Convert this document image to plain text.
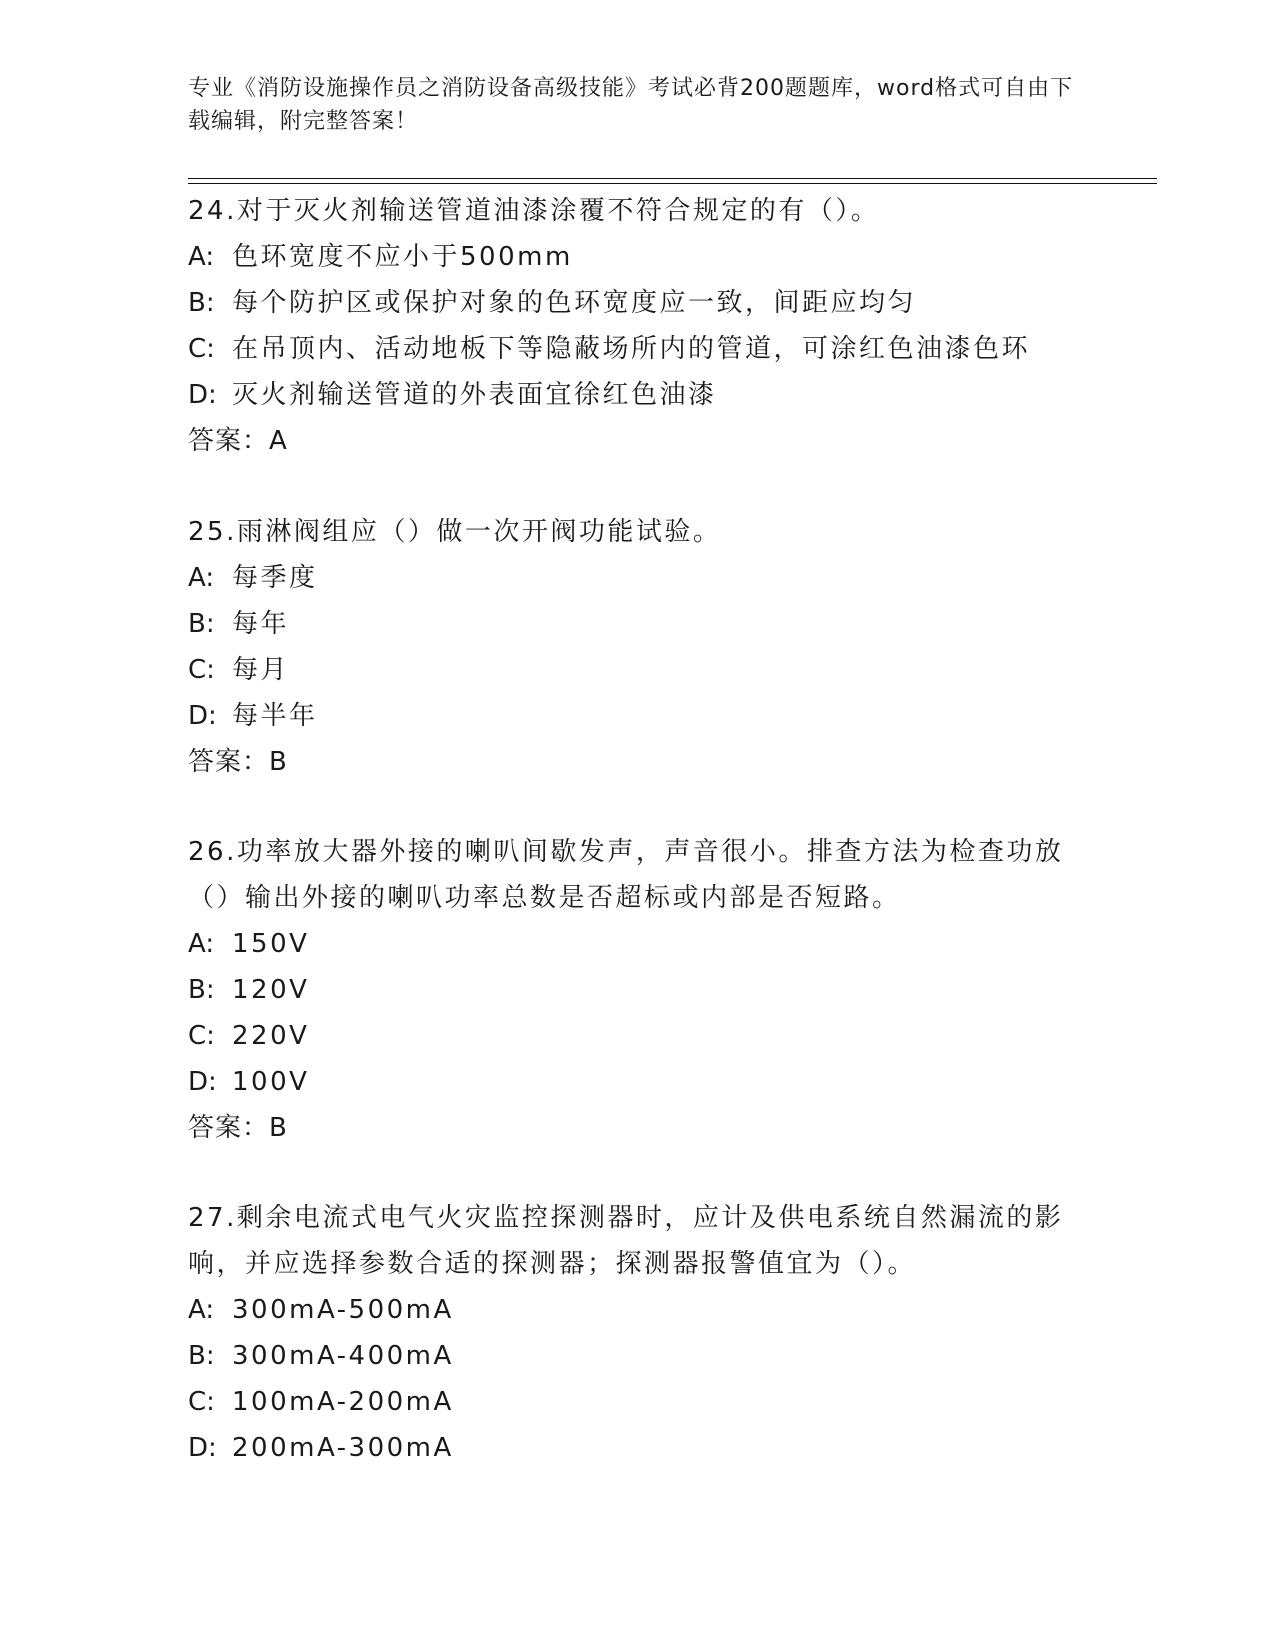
专业《消防设施操作员之消防设备高级技能》考试必背200题题库，word格式可自由下载编辑，附完整答案！

24.对于灭火剂输送管道油漆涂覆不符合规定的有（）。

A: 色环宽度不应小于500mm

B: 每个防护区或保护对象的色环宽度应一致，间距应均匀

C: 在吊顶内、活动地板下等隐蔽场所内的管道，可涂红色油漆色环

D: 灭火剂输送管道的外表面宜徐红色油漆

答案：A

25.雨淋阀组应（）做一次开阀功能试验。

A: 每季度

B: 每年

C: 每月

D: 每半年

答案：B

26.功率放大器外接的喇叭间歇发声，声音很小。排查方法为检查功放（）输出外接的喇叭功率总数是否超标或内部是否短路。

A: 150V

B: 120V

C: 220V

D: 100V

答案：B

27.剩余电流式电气火灾监控探测器时，应计及供电系统自然漏流的影响，并应选择参数合适的探测器；探测器报警值宜为（）。

A: 300mA-500mA

B: 300mA-400mA

C: 100mA-200mA

D: 200mA-300mA
